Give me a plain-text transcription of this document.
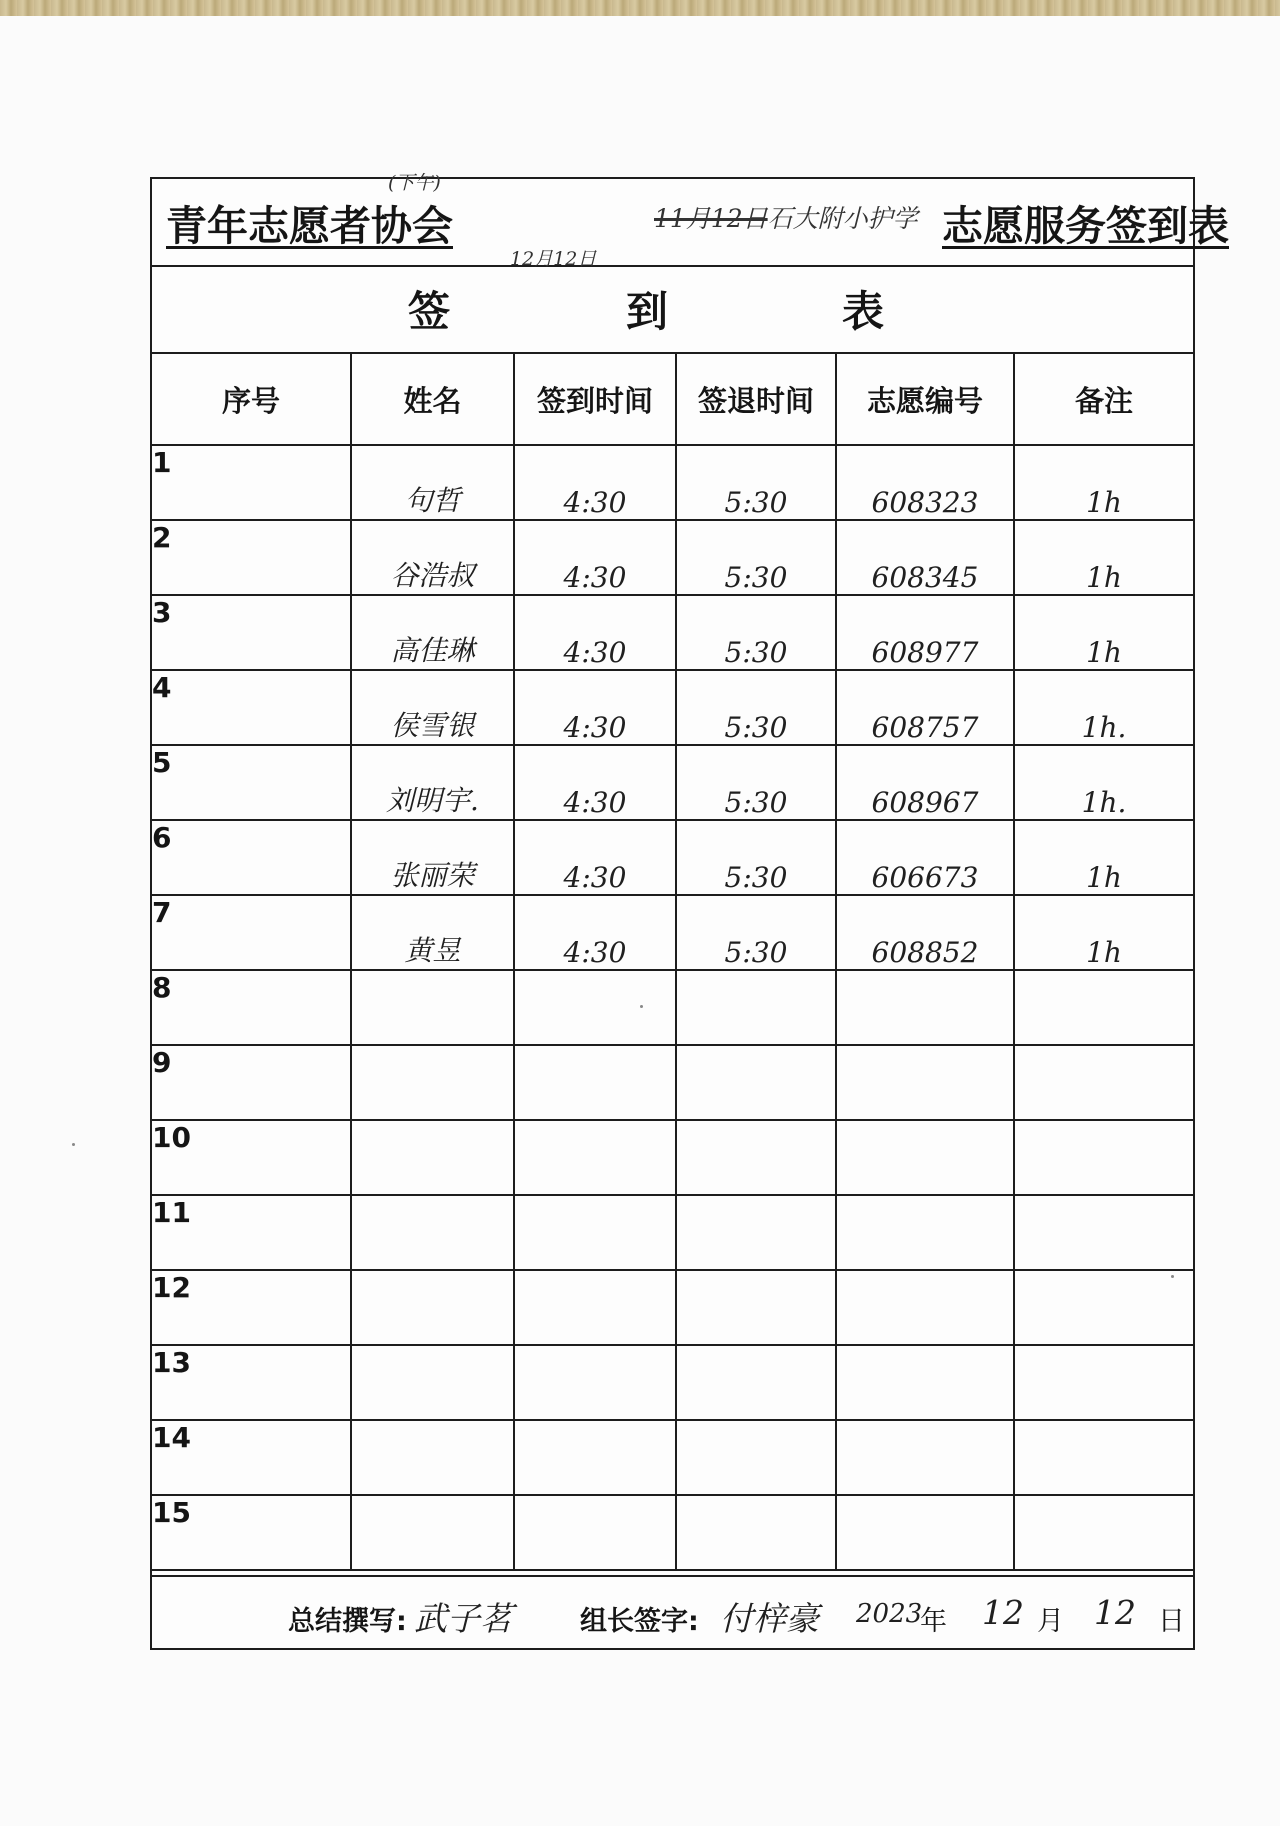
青年志愿者协会	11月12日石大附小护学 志愿服务签到表
签	到	表
序号	姓名	签到时间	签退时间	志愿编号	备注
1	句哲	4:30	5:30	608323	1h
2	谷浩叔	4:30	5:30	608345	1h
3	高佳琳	4:30	5:30	608977	1h
4	侯雪银	4:30	5:30	608757	1h.
5	刘明宇.	4:30	5:30	608967	1h.
6	张丽荣	4:30	5:30	606673	1h
7	黄昱	4:30	5:30	608852	1h
8					
9					
10					
11					
12					
13					
14					
15					
总结撰写: 武子茗 组长签字: 付梓豪 2023
年 12 月 12 日
(下午)
12月12日
